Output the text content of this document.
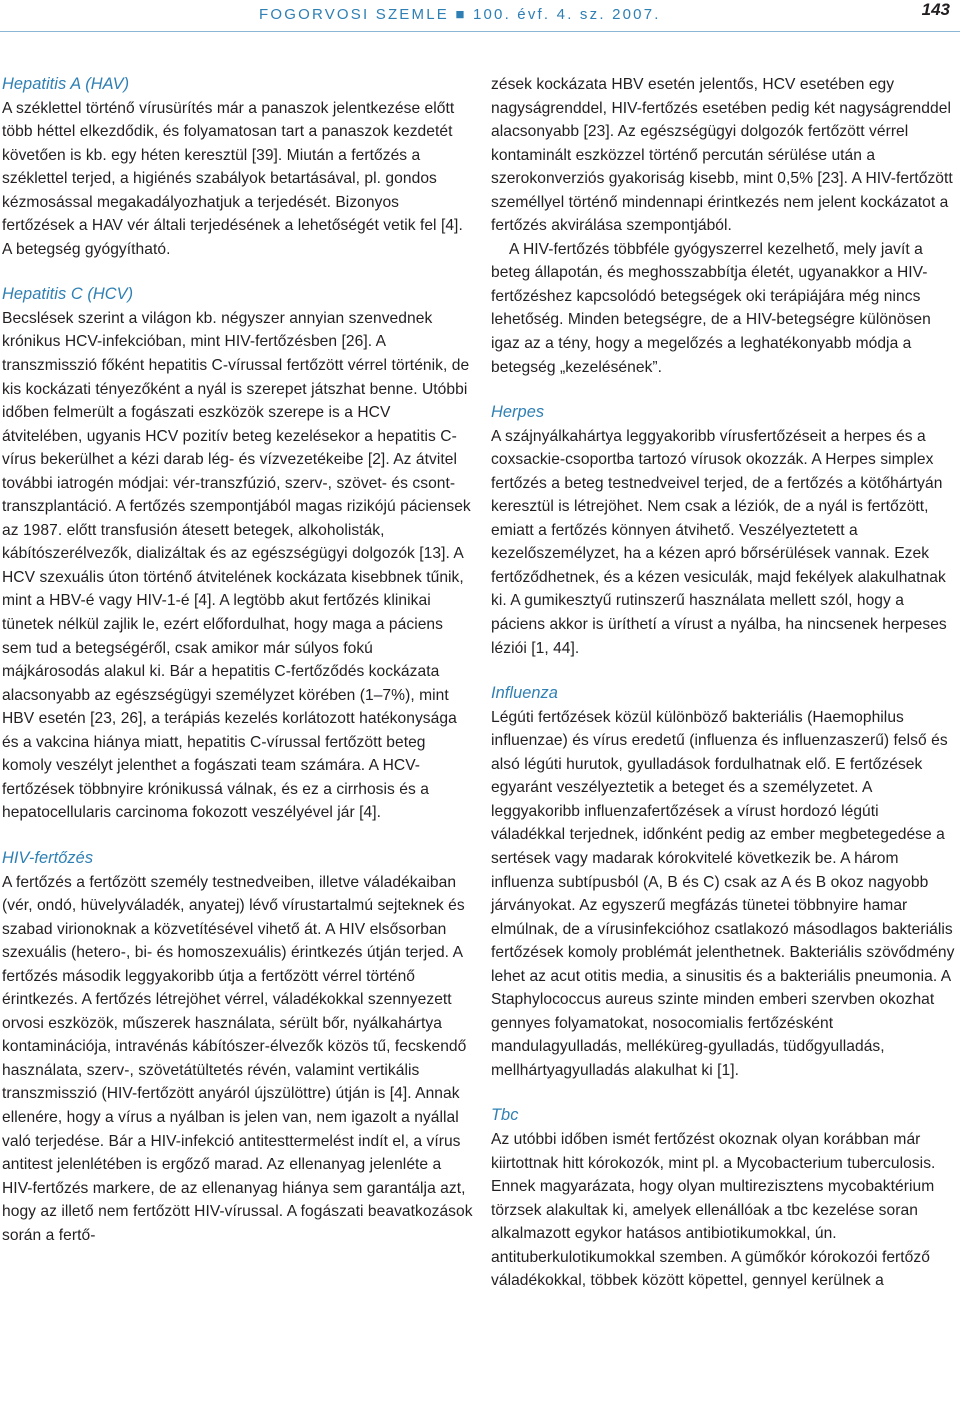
FOGORVOSI SZEMLE ■ 100. évf. 4. sz. 2007.	143
Hepatitis A (HAV)

A széklettel történő vírusürítés már a panaszok jelentkezése előtt több héttel elkezdődik, és folyamatosan tart a panaszok kezdetét követően is kb. egy héten keresztül [39]. Miután a fertőzés a széklettel terjed, a higiénés szabályok betartásával, pl. gondos kézmosással megakadályozhatjuk a terjedését. Bizonyos fertőzések a HAV vér általi terjedésének a lehetőségét vetik fel [4]. A betegség gyógyítható.

Hepatitis C (HCV)

Becslések szerint a világon kb. négyszer annyian szenvednek krónikus HCV-infekcióban, mint HIV-fertőzésben [26]. A transzmisszió főként hepatitis C-vírussal fertőzött vérrel történik, de kis kockázati tényezőként a nyál is szerepet játszhat benne. Utóbbi időben felmerült a fogászati eszközök szerepe is a HCV átvitelében, ugyanis HCV pozitív beteg kezelésekor a hepatitis C-vírus bekerülhet a kézi darab lég- és vízvezetékeibe [2]. Az átvitel további iatrogén módjai: vér-transzfúzió, szerv-, szövet- és csont-transzplantáció. A fertőzés szempontjából magas rizikójú páciensek az 1987. előtt transfusión átesett betegek, alkoholisták, kábítószerélvezők, dializáltak és az egészségügyi dolgozók [13]. A HCV szexuális úton történő átvitelének kockázata kisebbnek tűnik, mint a HBV-é vagy HIV-1-é [4]. A legtöbb akut fertőzés klinikai tünetek nélkül zajlik le, ezért előfordulhat, hogy maga a páciens sem tud a betegségéről, csak amikor már súlyos fokú májkárosodás alakul ki. Bár a hepatitis C-fertőződés kockázata alacsonyabb az egészségügyi személyzet körében (1–7%), mint HBV esetén [23, 26], a terápiás kezelés korlátozott hatékonysága és a vakcina hiánya miatt, hepatitis C-vírussal fertőzött beteg komoly veszélyt jelenthet a fogászati team számára. A HCV-fertőzések többnyire krónikussá válnak, és ez a cirrhosis és a hepatocellularis carcinoma fokozott veszélyével jár [4].

HIV-fertőzés

A fertőzés a fertőzött személy testnedveiben, illetve váladékaiban (vér, ondó, hüvelyváladék, anyatej) lévő vírustartalmú sejteknek és szabad virionoknak a közvetítésével vihető át. A HIV elsősorban szexuális (hetero-, bi- és homoszexuális) érintkezés útján terjed. A fertőzés második leggyakoribb útja a fertőzött vérrel történő érintkezés. A fertőzés létrejöhet vérrel, váladékokkal szennyezett orvosi eszközök, műszerek használata, sérült bőr, nyálkahártya kontaminációja, intravénás kábítószer-élvezők közös tű, fecskendő használata, szerv-, szövetátültetés révén, valamint vertikális transzmisszió (HIV-fertőzött anyáról újszülöttre) útján is [4]. Annak ellenére, hogy a vírus a nyálban is jelen van, nem igazolt a nyállal való terjedése. Bár a HIV-infekció antitesttermelést indít el, a vírus antitest jelenlétében is ergőző marad. Az ellenanyag jelenléte a HIV-fertőzés markere, de az ellenanyag hiánya sem garantálja azt, hogy az illető nem fertőzött HIV-vírussal. A fogászati beavatkozások során a fertő-

zések kockázata HBV esetén jelentős, HCV esetében egy nagyságrenddel, HIV-fertőzés esetében pedig két nagyságrenddel alacsonyabb [23]. Az egészségügyi dolgozók fertőzött vérrel kontaminált eszközzel történő percután sérülése után a szerokonverziós gyakoriság kisebb, mint 0,5% [23]. A HIV-fertőzött személlyel történő mindennapi érintkezés nem jelent kockázatot a fertőzés akvirálása szempontjából.

A HIV-fertőzés többféle gyógyszerrel kezelhető, mely javít a beteg állapotán, és meghosszabbítja életét, ugyanakkor a HIV-fertőzéshez kapcsolódó betegségek oki terápiájára még nincs lehetőség. Minden betegségre, de a HIV-betegségre különösen igaz az a tény, hogy a megelőzés a leghatékonyabb módja a betegség „kezelésének”.

Herpes

A szájnyálkahártya leggyakoribb vírusfertőzéseit a herpes és a coxsackie-csoportba tartozó vírusok okozzák. A Herpes simplex fertőzés a beteg testnedveivel terjed, de a fertőzés a kötőhártyán keresztül is létrejöhet. Nem csak a léziók, de a nyál is fertőzött, emiatt a fertőzés könnyen átvihető. Veszélyeztetett a kezelőszemélyzet, ha a kézen apró bőrsérülések vannak. Ezek fertőződhetnek, és a kézen vesiculák, majd fekélyek alakulhatnak ki. A gumikesztyű rutinszerű használata mellett szól, hogy a páciens akkor is üríthetí a vírust a nyálba, ha nincsenek herpeses léziói [1, 44].

Influenza

Légúti fertőzések közül különböző bakteriális (Haemophilus influenzae) és vírus eredetű (influenza és influenzaszerű) felső és alsó légúti hurutok, gyulladások fordulhatnak elő. E fertőzések egyaránt veszélyeztetik a beteget és a személyzetet. A leggyakoribb influenzafertőzések a vírust hordozó légúti váladékkal terjednek, időnként pedig az ember megbetegedése a sertések vagy madarak kórokvitelé következik be. A három influenza subtípusból (A, B és C) csak az A és B okoz nagyobb járványokat. Az egyszerű megfázás tünetei többnyire hamar elmúlnak, de a vírusinfekcióhoz csatlakozó másodlagos bakteriális fertőzések komoly problémát jelenthetnek. Bakteriális szövődmény lehet az acut otitis media, a sinusitis és a bakteriális pneumonia. A Staphylococcus aureus szinte minden emberi szervben okozhat gennyes folyamatokat, nosocomialis fertőzésként mandulagyulladás, melléküreg-gyulladás, tüdőgyulladás, mellhártyagyulladás alakulhat ki [1].

Tbc

Az utóbbi időben ismét fertőzést okoznak olyan korábban már kiirtottnak hitt kórokozók, mint pl. a Mycobacterium tuberculosis. Ennek magyarázata, hogy olyan multirezisztens mycobaktérium törzsek alakultak ki, amelyek ellenállóak a tbc kezelése soran alkalmazott egykor hatásos antibiotikumokkal, ún. antituberkulotikumokkal szemben. A gümőkór kórokozói fertőző váladékokkal, többek között köpettel, gennyel kerülnek a
